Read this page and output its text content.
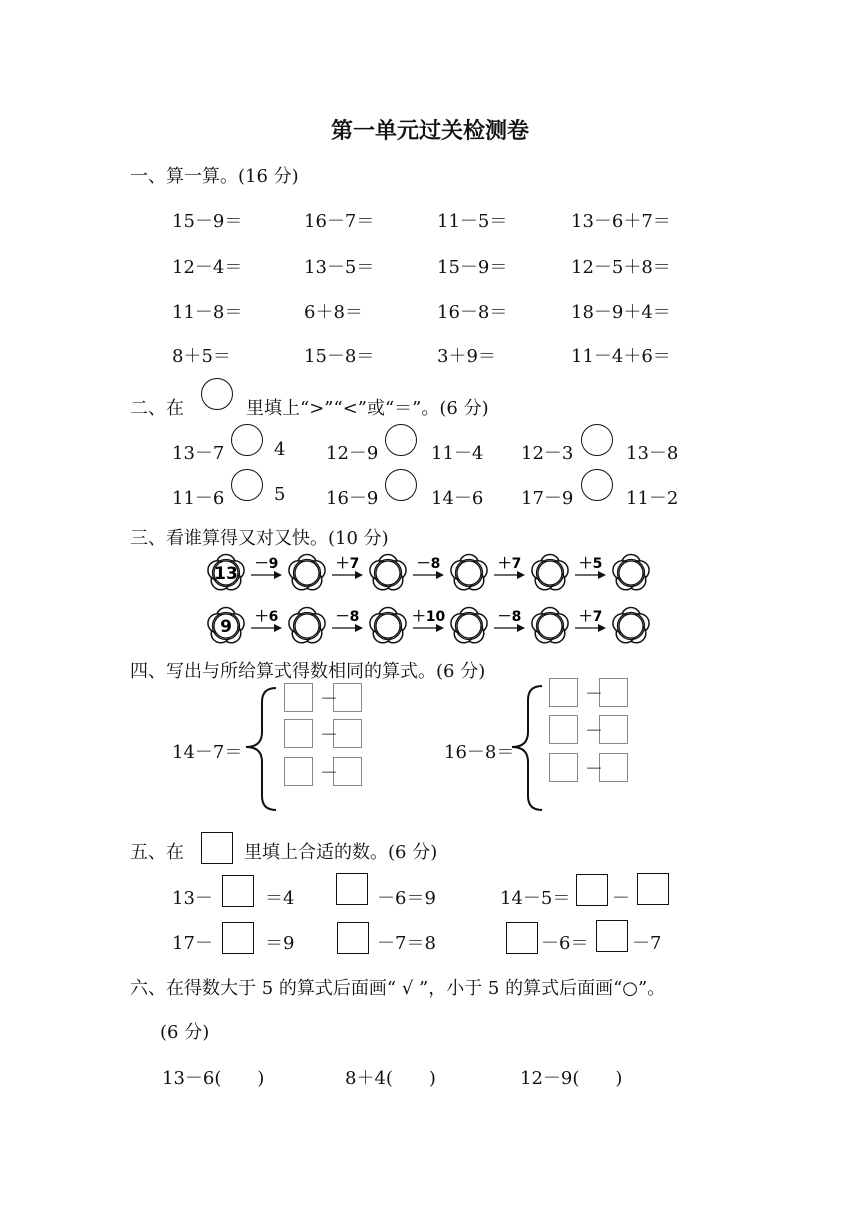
第一单元过关检测卷
一、算一算。(16 分)
15－9＝	16－7＝	11－5＝	13－6＋7＝
12－4＝	13－5＝	15－9＝	12－5＋8＝
11－8＝	6＋8＝	16－8＝	18－9＋4＝
8＋5＝	15－8＝	3＋9＝	11－4＋6＝
二、在	里填上“>”“<”或“＝”。(6 分)
13－7	4 12－9	11－4 12－3	13－8
11－6	5 16－9	14－6 17－9	11－2
三、看谁算得又对又快。(10 分)
13 －9	＋7	－8	＋7	＋5
9 ＋6	－8	＋10	－8	＋7
四、写出与所给算式得数相同的算式。(6 分)
14－7＝	16－8＝
－
－
－
－
－
－
五、在	里填上合适的数。(6 分)
13－	＝4	－6＝9	14－5＝ －
17－	＝9	－7＝8	－6＝ －7
六、在得数大于 5 的算式后面画“ √ ”，小于 5 的算式后面画“○”。
(6 分)
13－6(　　)	8＋4(　　)	12－9(　　)
